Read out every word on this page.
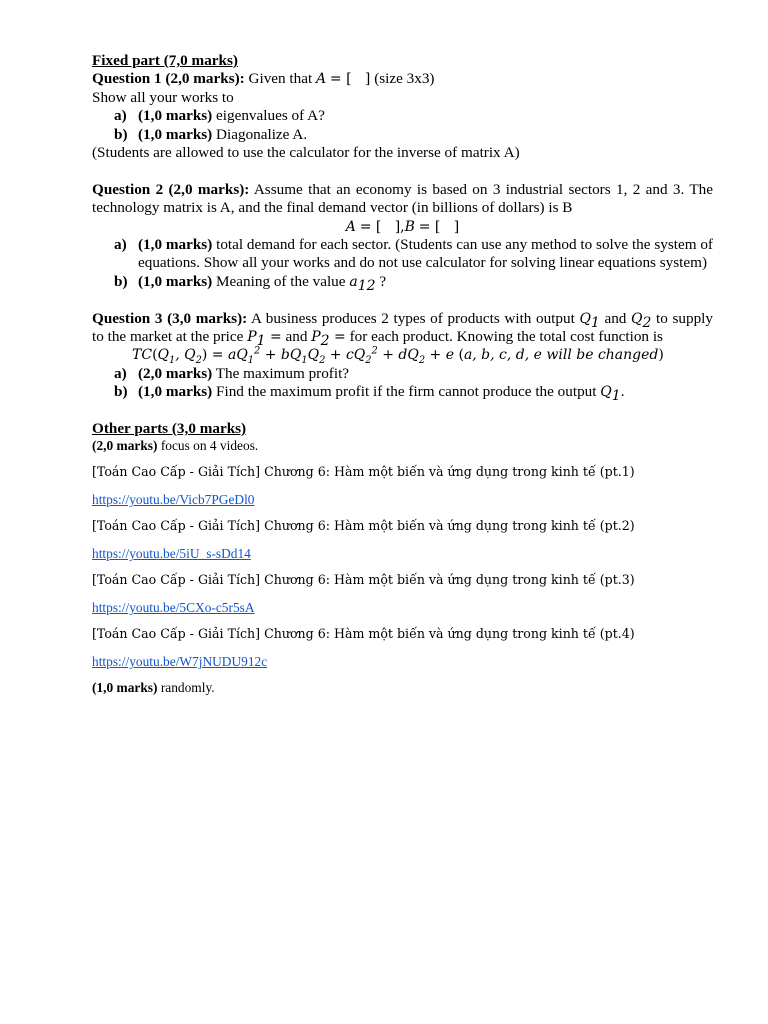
Fixed part (7,0 marks)
Question 1 (2,0 marks): Given that A = [   ] (size 3x3)
Show all your works to
a) (1,0 marks) eigenvalues of A?
b) (1,0 marks) Diagonalize A.
(Students are allowed to use the calculator for the inverse of matrix A)
Question 2 (2,0 marks): Assume that an economy is based on 3 industrial sectors 1, 2 and 3. The technology matrix is A, and the final demand vector (in billions of dollars) is B
A = [   ],B = [   ]
a) (1,0 marks) total demand for each sector. (Students can use any method to solve the system of equations. Show all your works and do not use calculator for solving linear equations system)
b) (1,0 marks) Meaning of the value $a_{12}$ ?
Question 3 (3,0 marks): A business produces 2 types of products with output $Q_1$ and $Q_2$ to supply to the market at the price $P_1$ = and $P_2$ = for each product. Knowing the total cost function is
$TC(Q_1$, $Q_2) = aQ_1^2 + bQ_1Q_2 + cQ_2^2 + dQ_2 + e$ (a, b, c, d, e will be changed)
a) (2,0 marks) The maximum profit?
b) (1,0 marks) Find the maximum profit if the firm cannot produce the output $Q_1$.
Other parts (3,0 marks)
(2,0 marks) focus on 4 videos.
[Toán Cao Cấp - Giải Tích] Chương 6: Hàm một biến và ứng dụng trong kinh tế (pt.1)
https://youtu.be/Vicb7PGeDl0
[Toán Cao Cấp - Giải Tích] Chương 6: Hàm một biến và ứng dụng trong kinh tế (pt.2)
https://youtu.be/5iU_s-sDd14
[Toán Cao Cấp - Giải Tích] Chương 6: Hàm một biến và ứng dụng trong kinh tế (pt.3)
https://youtu.be/5CXo-c5r5sA
[Toán Cao Cấp - Giải Tích] Chương 6: Hàm một biến và ứng dụng trong kinh tế (pt.4)
https://youtu.be/W7jNUDU912c
(1,0 marks) randomly.
